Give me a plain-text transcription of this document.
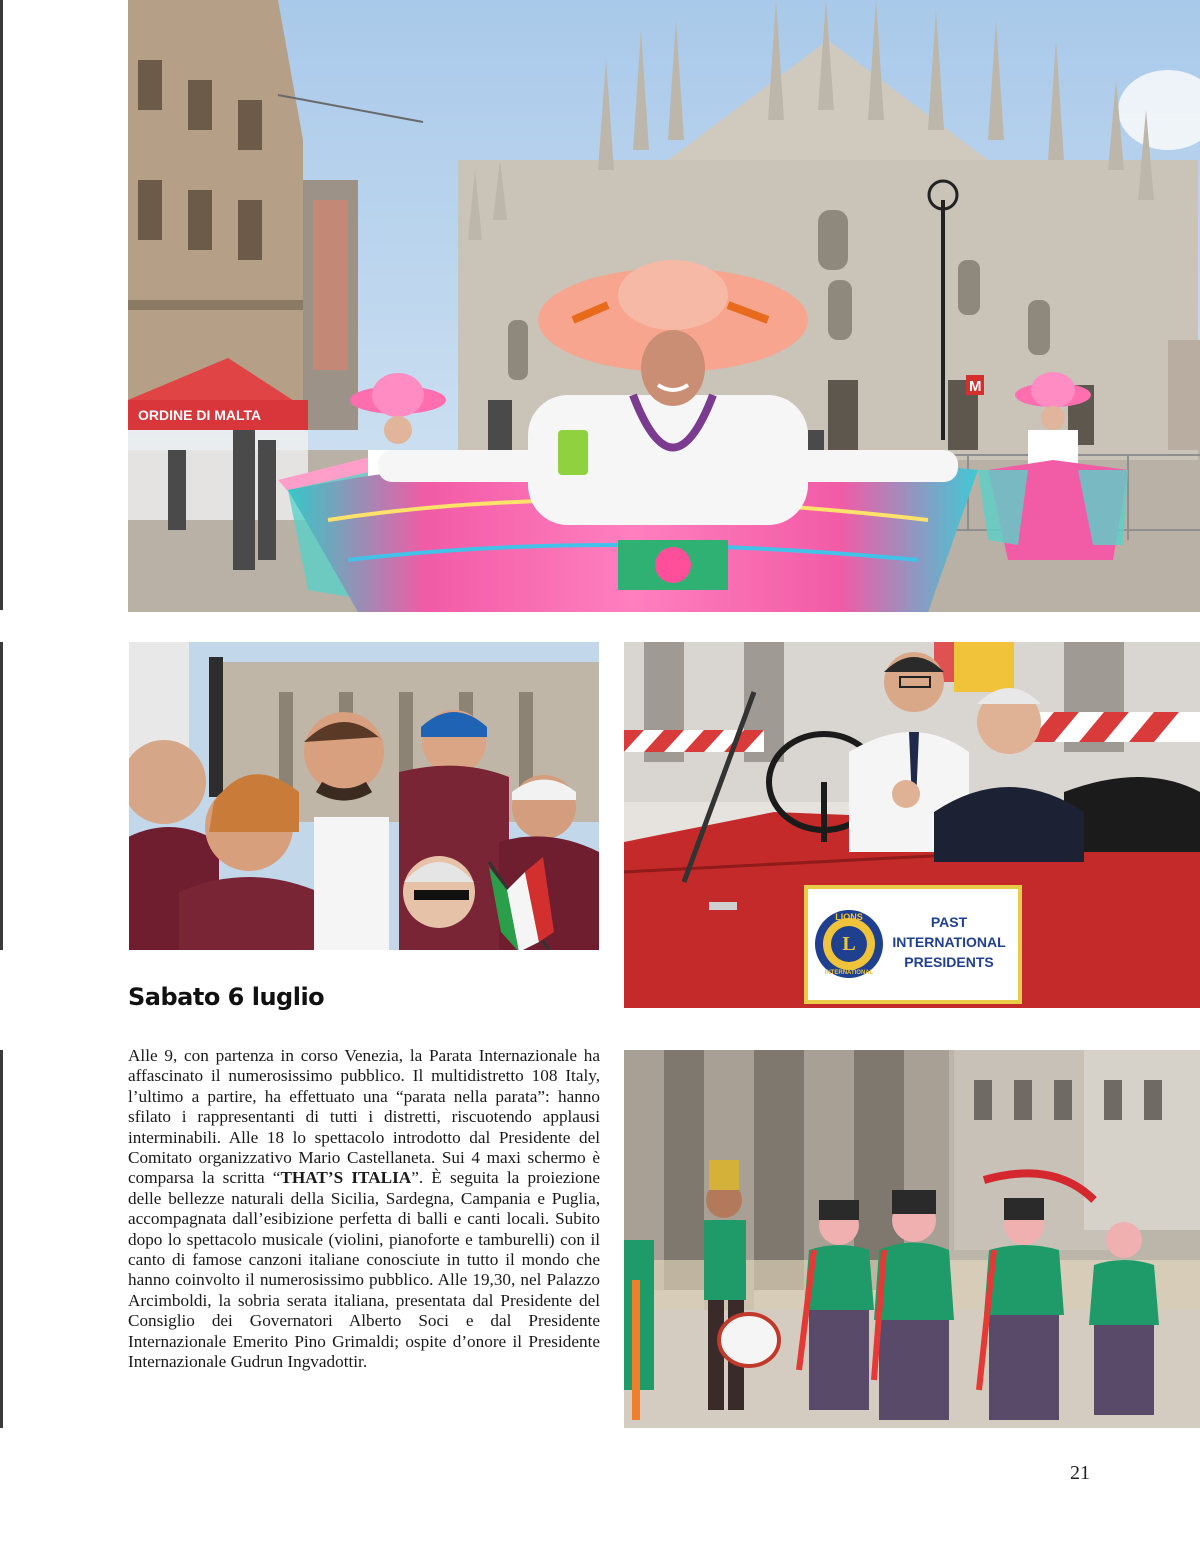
M
ORDINE DI MALTA
LIONS
INTERNATIONAL
L
PAST
INTERNATIONAL
PRESIDENTS
Sabato 6 luglio

Alle 9, con partenza in corso Venezia, la Parata Internazionale ha affascinato il numerosissimo pubblico. Il multidistretto 108 Italy, l’ultimo a partire, ha effettuato una “parata nella parata”: hanno sfilato i rappresentanti di tutti i distretti, riscuotendo applausi interminabili. Alle 18 lo spettacolo introdotto dal Presidente del Comitato organizzativo Mario Castellaneta. Sui 4 maxi schermo è comparsa la scritta “THAT’S ITALIA”. È seguita la proiezione delle bellezze naturali della Sicilia, Sardegna, Campania e Puglia, accompagnata dall’esibizione perfetta di balli e canti locali. Subito dopo lo spettacolo musicale (violini, pianoforte e tamburelli) con il canto di famose canzoni italiane conosciute in tutto il mondo che hanno coinvolto il numerosissimo pubblico. Alle 19,30, nel Palazzo Arcimboldi, la sobria serata italiana, presentata dal Presidente del Consiglio dei Governatori Alberto Soci e dal Presidente Internazionale Emerito Pino Grimaldi; ospite d’onore il Presidente Internazionale Gudrun Ingvadottir.

21
